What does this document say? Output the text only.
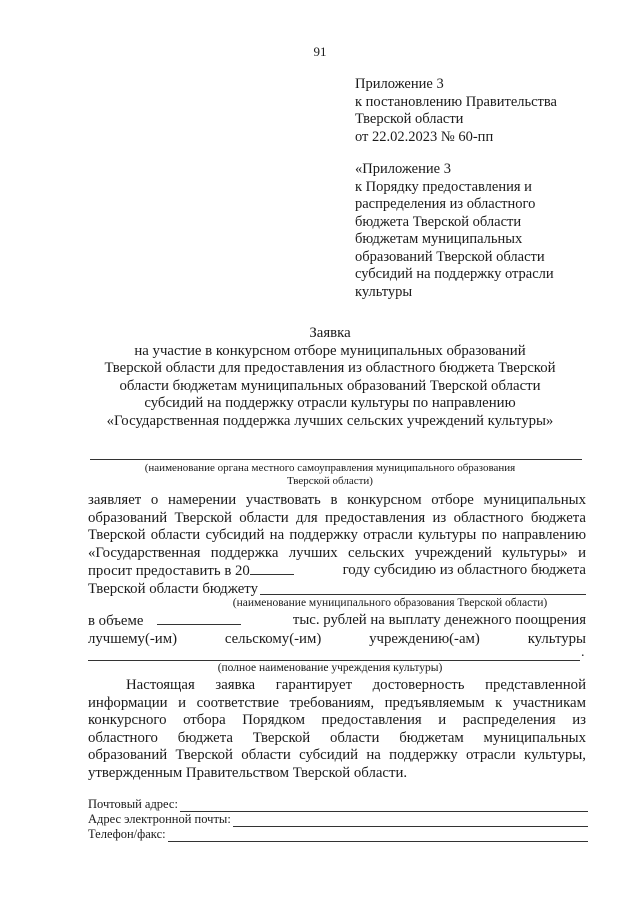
91
Приложение 3
к постановлению Правительства
Тверской области
от 22.02.2023 № 60-пп
«Приложение 3
к Порядку предоставления и
распределения из областного
бюджета Тверской области
бюджетам муниципальных
образований Тверской области
субсидий на поддержку отрасли
культуры
Заявка
на участие в конкурсном отборе муниципальных образований
Тверской области для предоставления из областного бюджета Тверской
области бюджетам муниципальных образований Тверской области
субсидий на поддержку отрасли культуры по направлению
«Государственная поддержка лучших сельских учреждений культуры»
(наименование органа местного самоуправления муниципального образования
Тверской области)
заявляет о намерении участвовать в конкурсном отборе муниципальных
образований Тверской области для предоставления из областного бюджета
Тверской области субсидий на поддержку отрасли культуры по направлению
«Государственная поддержка лучших сельских учреждений культуры» и
просит предоставить в 20	году субсидию из областного бюджета
Тверской области бюджету
(наименование муниципального образования Тверской области)
в объеме	тыс. рублей на выплату денежного поощрения
лучшему(-им)	сельскому(-им)	учреждению(-ам)	культуры
.
(полное наименование учреждения культуры)
Настоящая заявка гарантирует достоверность представленной
информации и соответствие требованиям, предъявляемым к участникам
конкурсного отбора Порядком предоставления и распределения из
областного бюджета Тверской области бюджетам муниципальных
образований Тверской области субсидий на поддержку отрасли культуры,
утвержденным Правительством Тверской области.
Почтовый адрес:
Адрес электронной почты:
Телефон/факс:
